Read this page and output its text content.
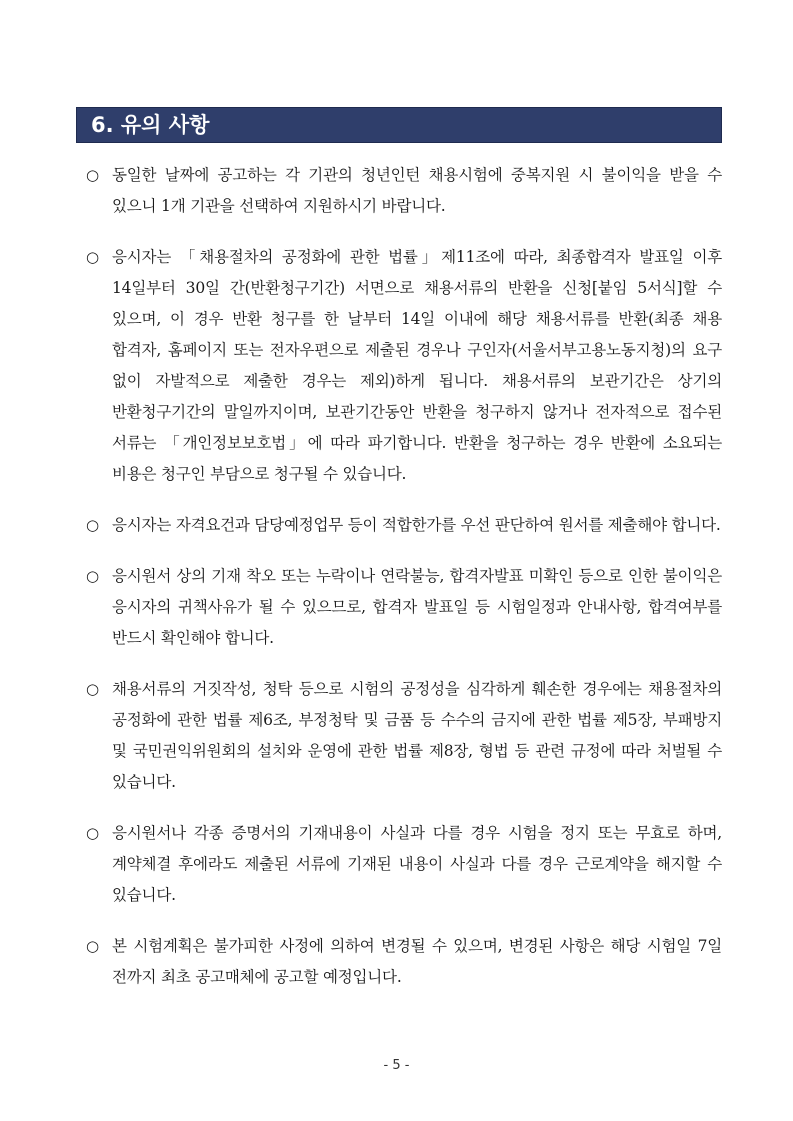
6. 유의 사항
○ 동일한 날짜에 공고하는 각 기관의 청년인턴 채용시험에 중복지원 시 불이익을 받을 수 있으니 1개 기관을 선택하여 지원하시기 바랍니다.
○ 응시자는 「채용절차의 공정화에 관한 법률」제11조에 따라, 최종합격자 발표일 이후 14일부터 30일 간(반환청구기간) 서면으로 채용서류의 반환을 신청[붙임 5서식]할 수 있으며, 이 경우 반환 청구를 한 날부터 14일 이내에 해당 채용서류를 반환(최종 채용 합격자, 홈페이지 또는 전자우편으로 제출된 경우나 구인자(서울서부고용노동지청)의 요구 없이 자발적으로 제출한 경우는 제외)하게 됩니다. 채용서류의 보관기간은 상기의 반환청구기간의 말일까지이며, 보관기간동안 반환을 청구하지 않거나 전자적으로 접수된 서류는 「개인정보보호법」에 따라 파기합니다. 반환을 청구하는 경우 반환에 소요되는 비용은 청구인 부담으로 청구될 수 있습니다.
○ 응시자는 자격요건과 담당예정업무 등이 적합한가를 우선 판단하여 원서를 제출해야 합니다.
○ 응시원서 상의 기재 착오 또는 누락이나 연락불능, 합격자발표 미확인 등으로 인한 불이익은 응시자의 귀책사유가 될 수 있으므로, 합격자 발표일 등 시험일정과 안내사항, 합격여부를 반드시 확인해야 합니다.
○ 채용서류의 거짓작성, 청탁 등으로 시험의 공정성을 심각하게 훼손한 경우에는 채용절차의 공정화에 관한 법률 제6조, 부정청탁 및 금품 등 수수의 금지에 관한 법률 제5장, 부패방지 및 국민권익위원회의 설치와 운영에 관한 법률 제8장, 형법 등 관련 규정에 따라 처벌될 수 있습니다.
○ 응시원서나 각종 증명서의 기재내용이 사실과 다를 경우 시험을 정지 또는 무효로 하며, 계약체결 후에라도 제출된 서류에 기재된 내용이 사실과 다를 경우 근로계약을 해지할 수 있습니다.
○ 본 시험계획은 불가피한 사정에 의하여 변경될 수 있으며, 변경된 사항은 해당 시험일 7일 전까지 최초 공고매체에 공고할 예정입니다.
- 5 -
